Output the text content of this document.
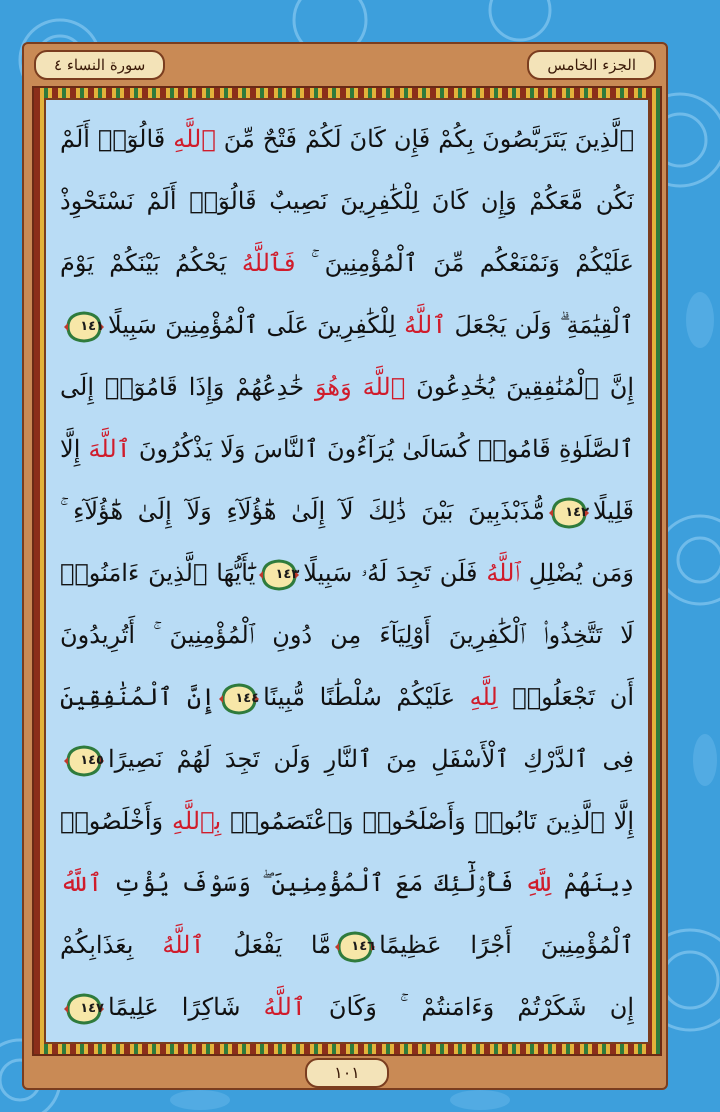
الجزء الخامس
سورة النساء ٤
ٱلَّذِينَ يَتَرَبَّصُونَ بِكُمْ فَإِن كَانَ لَكُمْ فَتْحٌ مِّنَ ٱللَّهِ قَالُوٓا۟ أَلَمْ
نَكُن مَّعَكُمْ وَإِن كَانَ لِلْكَٰفِرِينَ نَصِيبٌ قَالُوٓا۟ أَلَمْ نَسْتَحْوِذْ
عَلَيْكُمْ وَنَمْنَعْكُم مِّنَ ٱلْمُؤْمِنِينَ ۚ فَٱللَّهُ يَحْكُمُ بَيْنَكُمْ يَوْمَ
ٱلْقِيَٰمَةِ ۗ وَلَن يَجْعَلَ ٱللَّهُ لِلْكَٰفِرِينَ عَلَى ٱلْمُؤْمِنِينَ سَبِيلًا
١٤١
إِنَّ ٱلْمُنَٰفِقِينَ يُخَٰدِعُونَ ٱللَّهَ وَهُوَ خَٰدِعُهُمْ وَإِذَا قَامُوٓا۟ إِلَى
ٱلصَّلَوٰةِ قَامُوا۟ كُسَالَىٰ يُرَآءُونَ ٱلنَّاسَ وَلَا يَذْكُرُونَ ٱللَّهَ إِلَّا
قَلِيلًا
١٤٢
مُّذَبْذَبِينَ بَيْنَ ذَٰلِكَ لَآ إِلَىٰ هَٰٓؤُلَآءِ وَلَآ إِلَىٰ هَٰٓؤُلَآءِ ۚ
وَمَن يُضْلِلِ ٱللَّهُ فَلَن تَجِدَ لَهُۥ سَبِيلًا
١٤٣
يَٰٓأَيُّهَا ٱلَّذِينَ ءَامَنُوا۟
لَا تَتَّخِذُوا۟ ٱلْكَٰفِرِينَ أَوْلِيَآءَ مِن دُونِ ٱلْمُؤْمِنِينَ ۚ أَتُرِيدُونَ
أَن تَجْعَلُوا۟ لِلَّهِ عَلَيْكُمْ سُلْطَٰنًا مُّبِينًا
١٤٤
إِنَّ ٱلْمُنَٰفِقِينَ
فِى ٱلدَّرْكِ ٱلْأَسْفَلِ مِنَ ٱلنَّارِ وَلَن تَجِدَ لَهُمْ نَصِيرًا
١٤٥
إِلَّا ٱلَّذِينَ تَابُوا۟ وَأَصْلَحُوا۟ وَٱعْتَصَمُوا۟ بِٱللَّهِ وَأَخْلَصُوا۟
دِينَهُمْ لِلَّهِ فَأُو۟لَٰٓئِكَ مَعَ ٱلْمُؤْمِنِينَ ۖ وَسَوْفَ يُؤْتِ ٱللَّهُ
ٱلْمُؤْمِنِينَ أَجْرًا عَظِيمًا
١٤٦
مَّا يَفْعَلُ ٱللَّهُ بِعَذَابِكُمْ
إِن شَكَرْتُمْ وَءَامَنتُمْ ۚ وَكَانَ ٱللَّهُ شَاكِرًا عَلِيمًا
١٤٧
١٠١
